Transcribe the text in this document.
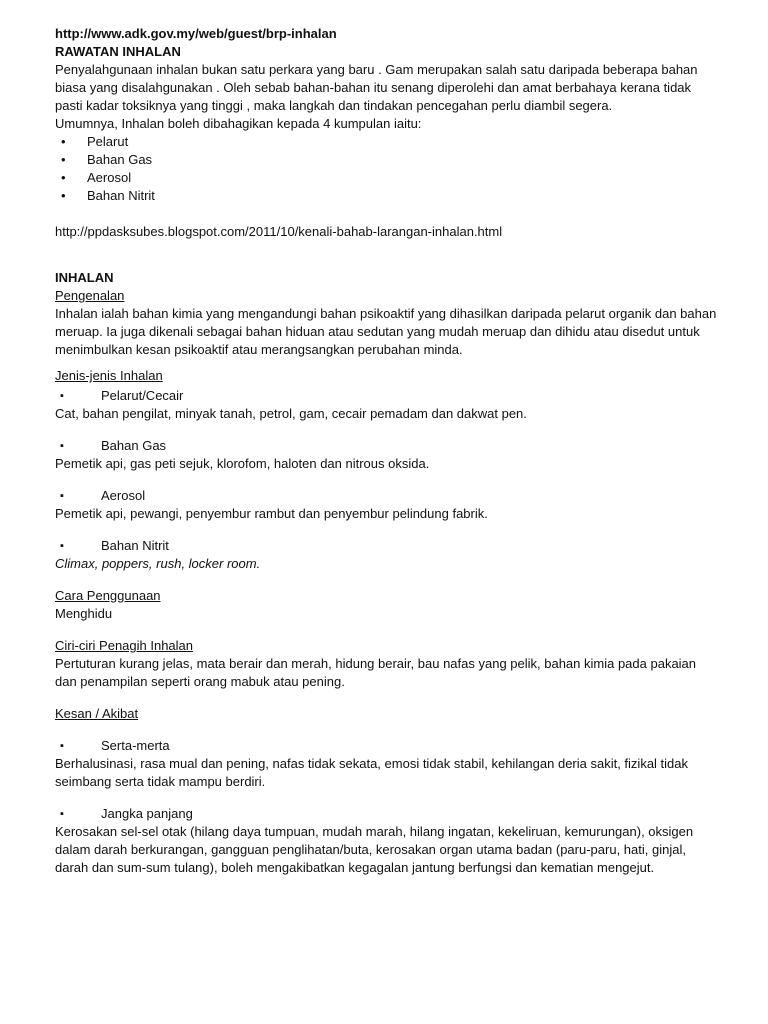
http://www.adk.gov.my/web/guest/brp-inhalan

RAWATAN INHALAN

Penyalahgunaan inhalan bukan satu perkara yang baru . Gam merupakan salah satu daripada beberapa bahan biasa yang disalahgunakan . Oleh sebab bahan-bahan itu senang diperolehi dan amat berbahaya kerana tidak pasti kadar toksiknya yang tinggi , maka langkah dan tindakan pencegahan perlu diambil segera.

Umumnya, Inhalan boleh dibahagikan kepada 4 kumpulan iaitu:

• Pelarut
• Bahan Gas
• Aerosol
• Bahan Nitrit

http://ppdasksubes.blogspot.com/2011/10/kenali-bahab-larangan-inhalan.html

INHALAN

Pengenalan

Inhalan ialah bahan kimia yang mengandungi bahan psikoaktif yang dihasilkan daripada pelarut organik dan bahan meruap. Ia juga dikenali sebagai bahan hiduan atau sedutan yang mudah meruap dan dihidu atau disedut untuk menimbulkan kesan psikoaktif atau merangsangkan perubahan minda.

Jenis-jenis Inhalan

▪ Pelarut/Cecair

Cat, bahan pengilat, minyak tanah, petrol, gam, cecair pemadam dan dakwat pen.

▪ Bahan Gas

Pemetik api, gas peti sejuk, klorofom, haloten dan nitrous oksida.

▪ Aerosol

Pemetik api, pewangi, penyembur rambut dan penyembur pelindung fabrik.

▪ Bahan Nitrit

Climax, poppers, rush, locker room.

Cara Penggunaan

Menghidu

Ciri-ciri Penagih Inhalan

Pertuturan kurang jelas, mata berair dan merah, hidung berair, bau nafas yang pelik, bahan kimia pada pakaian dan penampilan seperti orang mabuk atau pening.

Kesan / Akibat

▪ Serta-merta

Berhalusinasi, rasa mual dan pening, nafas tidak sekata, emosi tidak stabil, kehilangan deria sakit, fizikal tidak seimbang serta tidak mampu berdiri.

▪ Jangka panjang

Kerosakan sel-sel otak (hilang daya tumpuan, mudah marah, hilang ingatan, kekeliruan, kemurungan), oksigen dalam darah berkurangan, gangguan penglihatan/buta, kerosakan organ utama badan (paru-paru, hati, ginjal, darah dan sum-sum tulang), boleh mengakibatkan kegagalan jantung berfungsi dan kematian mengejut.
